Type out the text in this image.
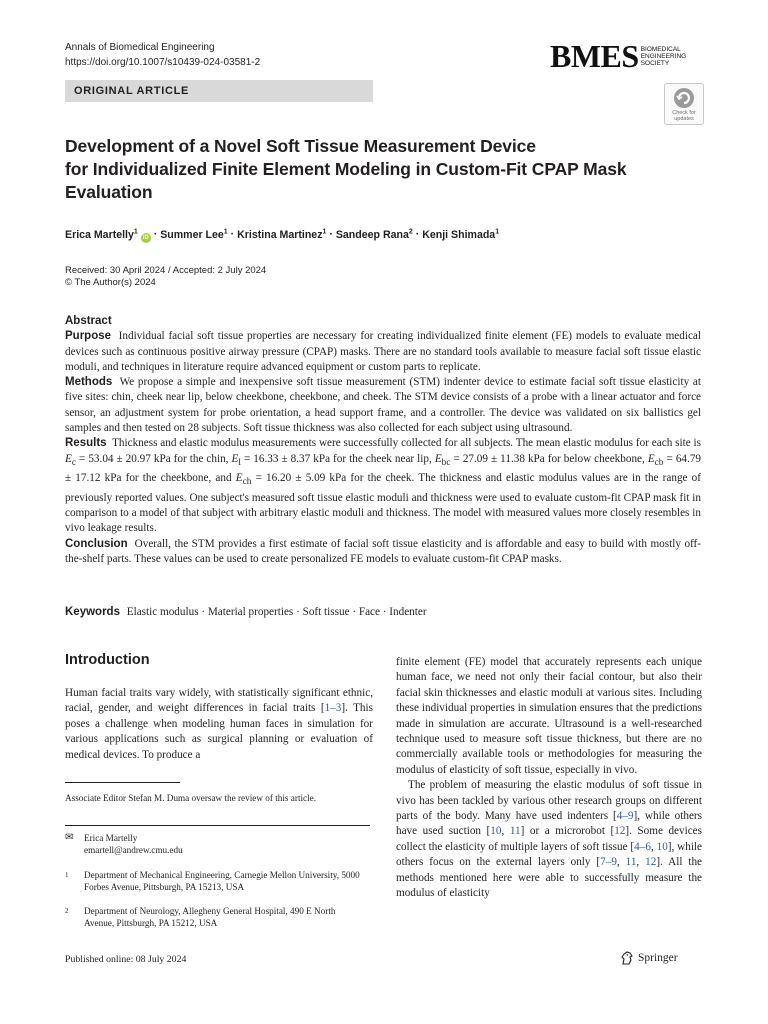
Annals of Biomedical Engineering
https://doi.org/10.1007/s10439-024-03581-2	BMES BIOMEDICAL
ENGINEERING
SOCIETY
ORIGINAL ARTICLE
Check for
updates
Development of a Novel Soft Tissue Measurement Device
for Individualized Finite Element Modeling in Custom-Fit CPAP Mask
Evaluation
Erica Martelly$^1$ iD · Summer Lee$^1$ · Kristina Martinez$^1$ · Sandeep Rana$^2$ · Kenji Shimada$^1$
Received: 30 April 2024 / Accepted: 2 July 2024
© The Author(s) 2024
Abstract

Purpose Individual facial soft tissue properties are necessary for creating individualized finite element (FE) models to evaluate medical devices such as continuous positive airway pressure (CPAP) masks. There are no standard tools available to measure facial soft tissue elastic moduli, and techniques in literature require advanced equipment or custom parts to replicate.

Methods We propose a simple and inexpensive soft tissue measurement (STM) indenter device to estimate facial soft tissue elasticity at five sites: chin, cheek near lip, below cheekbone, cheekbone, and cheek. The STM device consists of a probe with a linear actuator and force sensor, an adjustment system for probe orientation, a head support frame, and a controller. The device was validated on six ballistics gel samples and then tested on 28 subjects. Soft tissue thickness was also collected for each subject using ultrasound.

Results Thickness and elastic modulus measurements were successfully collected for all subjects. The mean elastic modulus for each site is $E_c = 53.04 \pm 20.97$ kPa for the chin, $E_l = 16.33 \pm 8.37$ kPa for the cheek near lip, $E_{bc} = 27.09 \pm 11.38$ kPa for below cheekbone, $E_{cb} = 64.79 \pm 17.12$ kPa for the cheekbone, and $E_{ch} = 16.20 \pm 5.09$ kPa for the cheek. The thickness and elastic modulus values are in the range of previously reported values. One subject's measured soft tissue elastic moduli and thickness were used to evaluate custom-fit CPAP mask fit in comparison to a model of that subject with arbitrary elastic moduli and thickness. The model with measured values more closely resembles in vivo leakage results.

Conclusion Overall, the STM provides a first estimate of facial soft tissue elasticity and is affordable and easy to build with mostly off-the-shelf parts. These values can be used to create personalized FE models to evaluate custom-fit CPAP masks.

Keywords Elastic modulus · Material properties · Soft tissue · Face · Indenter
Introduction

Human facial traits vary widely, with statistically significant ethnic, racial, gender, and weight differences in facial traits [1–3]. This poses a challenge when modeling human faces in simulation for various applications such as surgical planning or evaluation of medical devices. To produce a

finite element (FE) model that accurately represents each unique human face, we need not only their facial contour, but also their facial skin thicknesses and elastic moduli at various sites. Including these individual properties in simulation ensures that the predictions made in simulation are accurate. Ultrasound is a well-researched technique used to measure soft tissue thickness, but there are no commercially available tools or methodologies for measuring the modulus of elasticity of soft tissue, especially in vivo.

The problem of measuring the elastic modulus of soft tissue in vivo has been tackled by various other research groups on different parts of the body. Many have used indenters [4–9], while others have used suction [10, 11] or a microrobot [12]. Some devices collect the elasticity of multiple layers of soft tissue [4–6, 10], while others focus on the external layers only [7–9, 11, 12]. All the methods mentioned here were able to successfully measure the modulus of elasticity

Associate Editor Stefan M. Duma oversaw the review of this article.
✉ Erica Martelly
emartell@andrew.cmu.edu
1 Department of Mechanical Engineering, Carnegie Mellon University, 5000 Forbes Avenue, Pittsburgh, PA 15213, USA
2 Department of Neurology, Allegheny General Hospital, 490 E North Avenue, Pittsburgh, PA 15212, USA
Published online: 08 July 2024	Springer
